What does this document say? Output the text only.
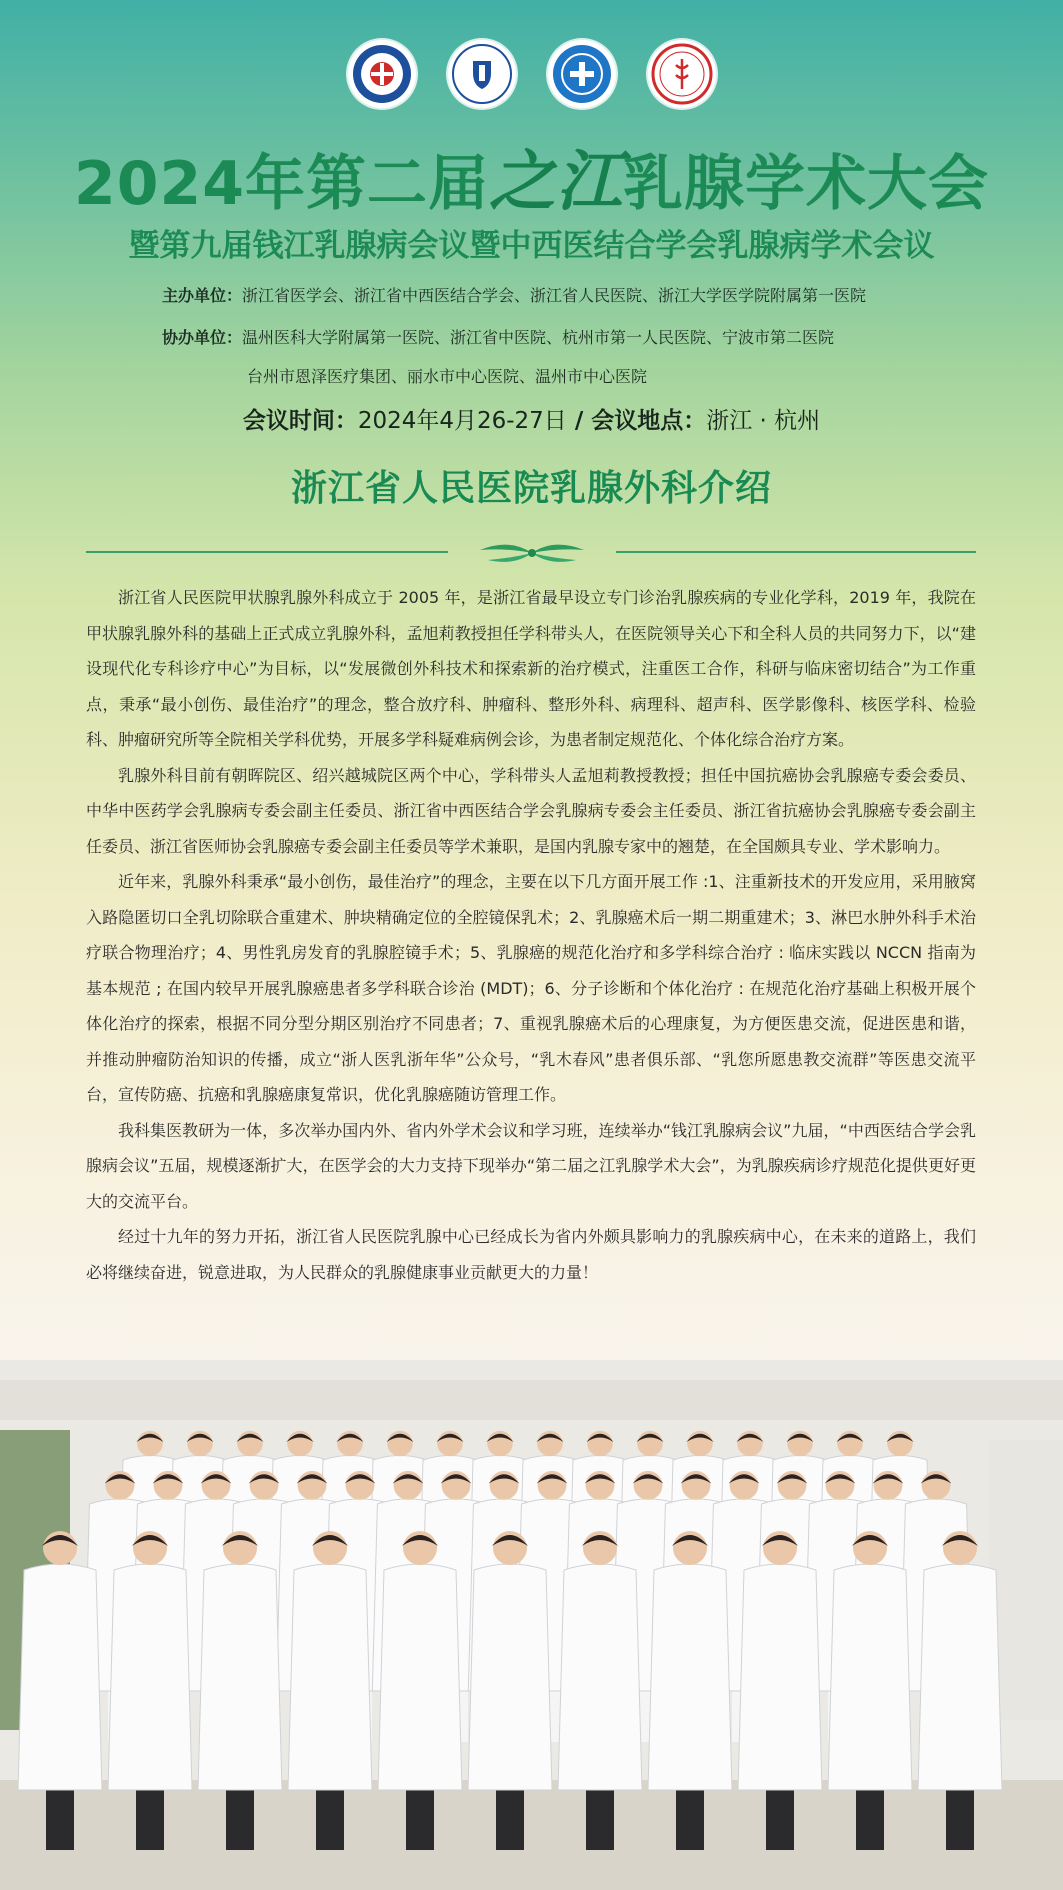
2024年第二届之江乳腺学术大会
暨第九届钱江乳腺病会议暨中西医结合学会乳腺病学术会议
主办单位：浙江省医学会、浙江省中西医结合学会、浙江省人民医院、浙江大学医学院附属第一医院
协办单位：温州医科大学附属第一医院、浙江省中医院、杭州市第一人民医院、宁波市第二医院
台州市恩泽医疗集团、丽水市中心医院、温州市中心医院
会议时间：2024年4月26-27日 / 会议地点：浙江 · 杭州
浙江省人民医院乳腺外科介绍

浙江省人民医院甲状腺乳腺外科成立于 2005 年，是浙江省最早设立专门诊治乳腺疾病的专业化学科，2019 年，我院在甲状腺乳腺外科的基础上正式成立乳腺外科，孟旭莉教授担任学科带头人，在医院领导关心下和全科人员的共同努力下，以“建设现代化专科诊疗中心”为目标，以“发展微创外科技术和探索新的治疗模式，注重医工合作，科研与临床密切结合”为工作重点，秉承“最小创伤、最佳治疗”的理念，整合放疗科、肿瘤科、整形外科、病理科、超声科、医学影像科、核医学科、检验科、肿瘤研究所等全院相关学科优势，开展多学科疑难病例会诊，为患者制定规范化、个体化综合治疗方案。

乳腺外科目前有朝晖院区、绍兴越城院区两个中心，学科带头人孟旭莉教授教授；担任中国抗癌协会乳腺癌专委会委员、中华中医药学会乳腺病专委会副主任委员、浙江省中西医结合学会乳腺病专委会主任委员、浙江省抗癌协会乳腺癌专委会副主任委员、浙江省医师协会乳腺癌专委会副主任委员等学术兼职，是国内乳腺专家中的翘楚，在全国颇具专业、学术影响力。

近年来，乳腺外科秉承“最小创伤，最佳治疗”的理念，主要在以下几方面开展工作 :1、注重新技术的开发应用，采用腋窝入路隐匿切口全乳切除联合重建术、肿块精确定位的全腔镜保乳术；2、乳腺癌术后一期二期重建术；3、淋巴水肿外科手术治疗联合物理治疗；4、男性乳房发育的乳腺腔镜手术；5、乳腺癌的规范化治疗和多学科综合治疗 : 临床实践以 NCCN 指南为基本规范 ; 在国内较早开展乳腺癌患者多学科联合诊治 (MDT)；6、分子诊断和个体化治疗 : 在规范化治疗基础上积极开展个体化治疗的探索，根据不同分型分期区别治疗不同患者；7、重视乳腺癌术后的心理康复，为方便医患交流，促进医患和谐，并推动肿瘤防治知识的传播，成立“浙人医乳浙年华”公众号，“乳木春风”患者俱乐部、“乳您所愿患教交流群”等医患交流平台，宣传防癌、抗癌和乳腺癌康复常识，优化乳腺癌随访管理工作。

我科集医教研为一体，多次举办国内外、省内外学术会议和学习班，连续举办“钱江乳腺病会议”九届，“中西医结合学会乳腺病会议”五届，规模逐渐扩大，在医学会的大力支持下现举办“第二届之江乳腺学术大会”，为乳腺疾病诊疗规范化提供更好更大的交流平台。

经过十九年的努力开拓，浙江省人民医院乳腺中心已经成长为省内外颇具影响力的乳腺疾病中心，在未来的道路上，我们必将继续奋进，锐意进取，为人民群众的乳腺健康事业贡献更大的力量！
